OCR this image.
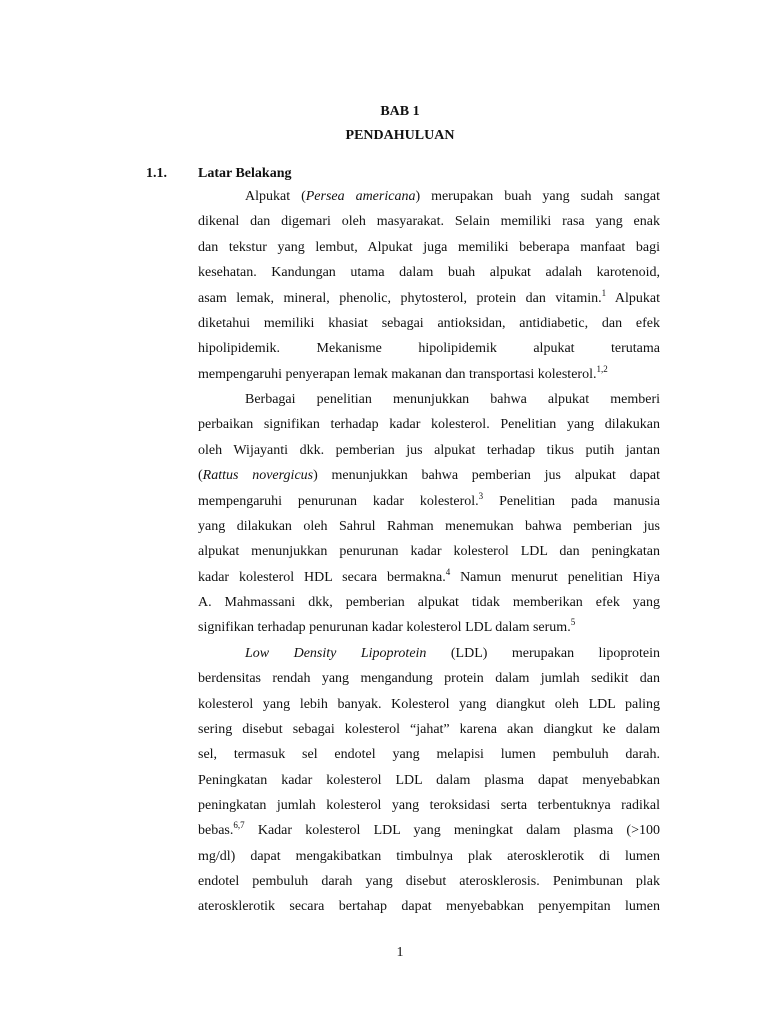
BAB 1
PENDAHULUAN
1.1. Latar Belakang
Alpukat (Persea americana) merupakan buah yang sudah sangat
dikenal dan digemari oleh masyarakat. Selain memiliki rasa yang enak
dan tekstur yang lembut, Alpukat juga memiliki beberapa manfaat bagi
kesehatan. Kandungan utama dalam buah alpukat adalah karotenoid,
asam lemak, mineral, phenolic, phytosterol, protein dan vitamin.$^1$ Alpukat
diketahui memiliki khasiat sebagai antioksidan, antidiabetic, dan efek
hipolipidemik. Mekanisme hipolipidemik alpukat terutama
mempengaruhi penyerapan lemak makanan dan transportasi kolesterol.$^{1,2}$
Berbagai penelitian menunjukkan bahwa alpukat memberi
perbaikan signifikan terhadap kadar kolesterol. Penelitian yang dilakukan
oleh Wijayanti dkk. pemberian jus alpukat terhadap tikus putih jantan
(Rattus novergicus) menunjukkan bahwa pemberian jus alpukat dapat
mempengaruhi penurunan kadar kolesterol.$^3$ Penelitian pada manusia
yang dilakukan oleh Sahrul Rahman menemukan bahwa pemberian jus
alpukat menunjukkan penurunan kadar kolesterol LDL dan peningkatan
kadar kolesterol HDL secara bermakna.$^4$ Namun menurut penelitian Hiya
A. Mahmassani dkk, pemberian alpukat tidak memberikan efek yang
signifikan terhadap penurunan kadar kolesterol LDL dalam serum.$^5$
Low Density Lipoprotein (LDL) merupakan lipoprotein
berdensitas rendah yang mengandung protein dalam jumlah sedikit dan
kolesterol yang lebih banyak. Kolesterol yang diangkut oleh LDL paling
sering disebut sebagai kolesterol “jahat” karena akan diangkut ke dalam
sel, termasuk sel endotel yang melapisi lumen pembuluh darah.
Peningkatan kadar kolesterol LDL dalam plasma dapat menyebabkan
peningkatan jumlah kolesterol yang teroksidasi serta terbentuknya radikal
bebas.$^{6,7}$ Kadar kolesterol LDL yang meningkat dalam plasma (>100
mg/dl) dapat mengakibatkan timbulnya plak aterosklerotik di lumen
endotel pembuluh darah yang disebut aterosklerosis. Penimbunan plak
aterosklerotik secara bertahap dapat menyebabkan penyempitan lumen
1
